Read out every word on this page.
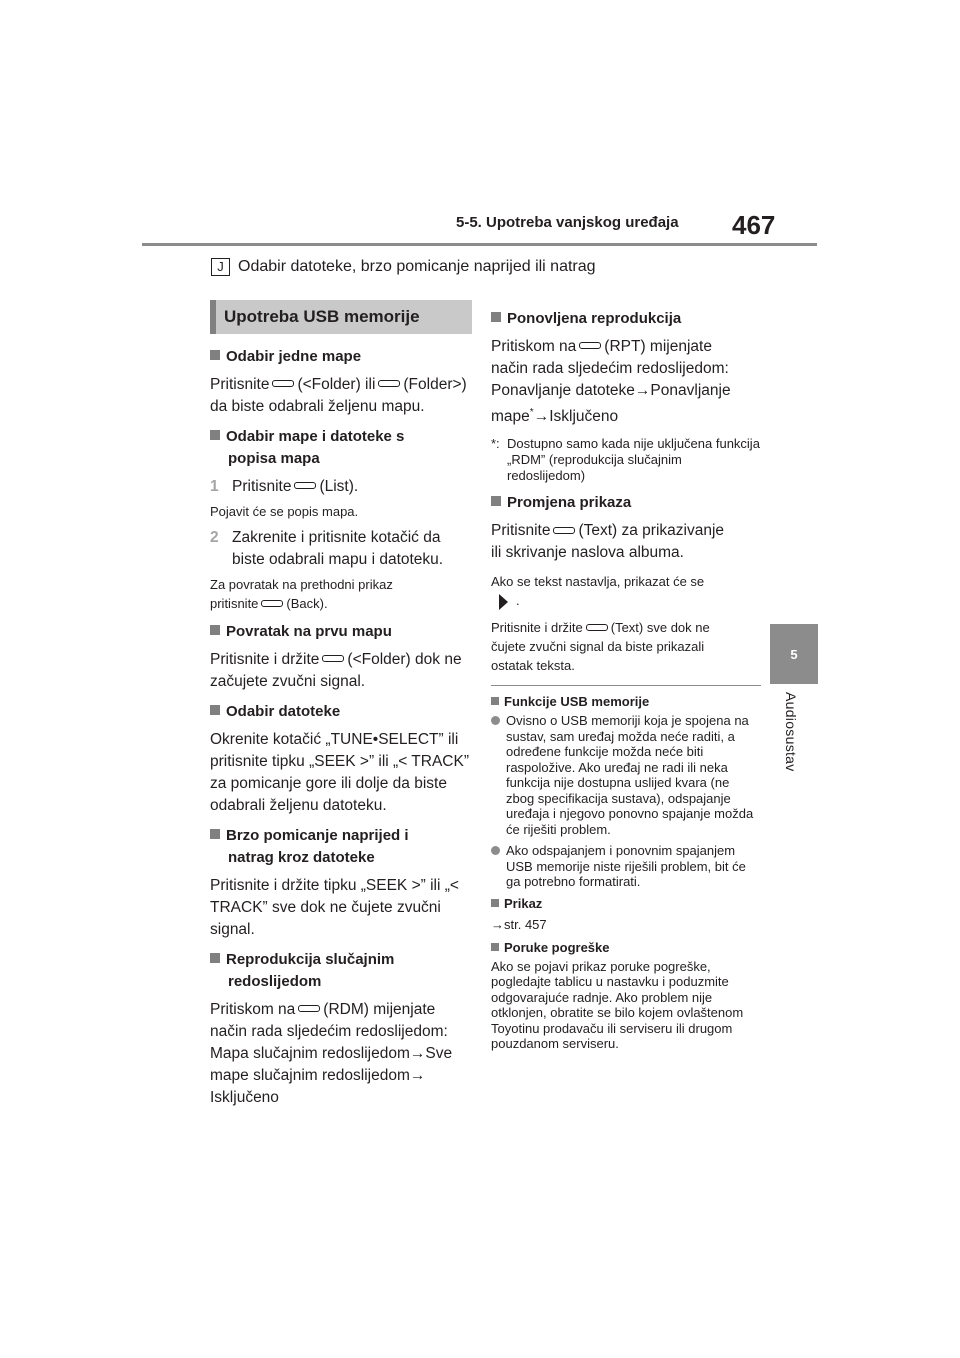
5-5. Upotreba vanjskog uređaja 467
5
Audiosustav
J Odabir datoteke, brzo pomicanje naprijed ili natrag
Upotreba USB memorije
Odabir jedne mape
Pritisnite (<Folder) ili (Folder>)
da biste odabrali željenu mapu.
Odabir mape i datoteke s
popisa mapa
1 Pritisnite (List).
Pojavit će se popis mapa.
2 Zakrenite i pritisnite kotačić da biste odabrali mapu i datoteku.
Za povratak na prethodni prikaz
pritisnite (Back).
Povratak na prvu mapu
Pritisnite i držite (<Folder) dok ne
začujete zvučni signal.
Odabir datoteke
Okrenite kotačić „TUNE•SELECT” ili pritisnite tipku „SEEK >” ili „< TRACK” za pomicanje gore ili dolje da biste odabrali željenu datoteku.
Brzo pomicanje naprijed i
natrag kroz datoteke
Pritisnite i držite tipku „SEEK >” ili „< TRACK” sve dok ne čujete zvučni signal.
Reprodukcija slučajnim
redoslijedom
Pritiskom na (RDM) mijenjate
način rada sljedećim redoslijedom:
Mapa slučajnim redoslijedom→Sve
mape slučajnim redoslijedom→
Isključeno
Ponovljena reprodukcija
Pritiskom na (RPT) mijenjate
način rada sljedećim redoslijedom:
Ponavljanje datoteke→Ponavljanje
mape*→Isključeno
*: Dostupno samo kada nije uključena funkcija „RDM” (reprodukcija slučajnim redoslijedom)
Promjena prikaza
Pritisnite (Text) za prikazivanje
ili skrivanje naslova albuma.
Ako se tekst nastavlja, prikazat će se
.
Pritisnite i držite (Text) sve dok ne
čujete zvučni signal da biste prikazali
ostatak teksta.
Funkcije USB memorije
Ovisno o USB memoriji koja je spojena na sustav, sam uređaj možda neće raditi, a određene funkcije možda neće biti raspoložive. Ako uređaj ne radi ili neka funkcija nije dostupna uslijed kvara (ne zbog specifikacija sustava), odspajanje uređaja i njegovo ponovno spajanje možda će riješiti problem.
Ako odspajanjem i ponovnim spajanjem USB memorije niste riješili problem, bit će ga potrebno formatirati.
Prikaz
→str. 457
Poruke pogreške
Ako se pojavi prikaz poruke pogreške, pogledajte tablicu u nastavku i poduzmite odgovarajuće radnje. Ako problem nije otklonjen, obratite se bilo kojem ovlaštenom Toyotinu prodavaču ili serviseru ili drugom pouzdanom serviseru.
